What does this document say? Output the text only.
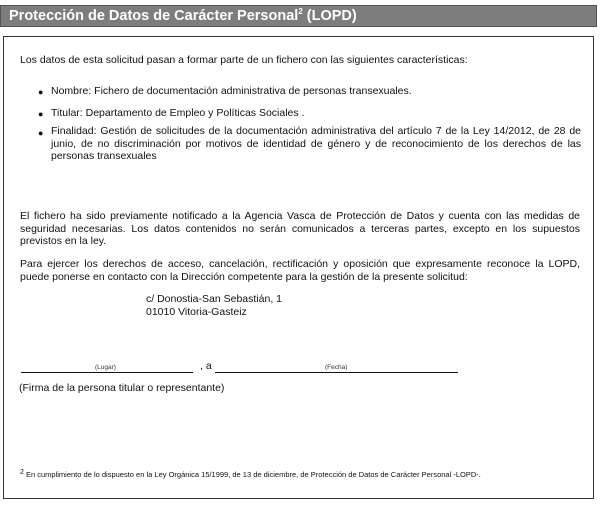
Protección de Datos de Carácter Personal$^2$ (LOPD)
Los datos de esta solicitud pasan a formar parte de un fichero con las siguientes características:
● Nombre: Fichero de documentación administrativa de personas transexuales.
● Titular: Departamento de Empleo y Políticas Sociales .
● Finalidad: Gestión de solicitudes de la documentación administrativa del artículo 7 de la Ley 14/2012, de 28 de junio, de no discriminación por motivos de identidad de género y de reconocimiento de los derechos de las personas transexuales
El fichero ha sido previamente notificado a la Agencia Vasca de Protección de Datos y cuenta con las medidas de seguridad necesarias. Los datos contenidos no serán comunicados a terceras partes, excepto en los supuestos previstos en la ley.
Para ejercer los derechos de acceso, cancelación, rectificación y oposición que expresamente reconoce la LOPD, puede ponerse en contacto con la Dirección competente para la gestión de la presente solicitud:
c/ Donostia-San Sebastián, 1
01010 Vitoria-Gasteiz
(Lugar)	, a	(Fecha)
(Firma de la persona titular o representante)
$^2$ En cumplimiento de lo dispuesto en la Ley Orgánica 15/1999, de 13 de diciembre, de Protección de Datos de Carácter Personal -LOPD-.
